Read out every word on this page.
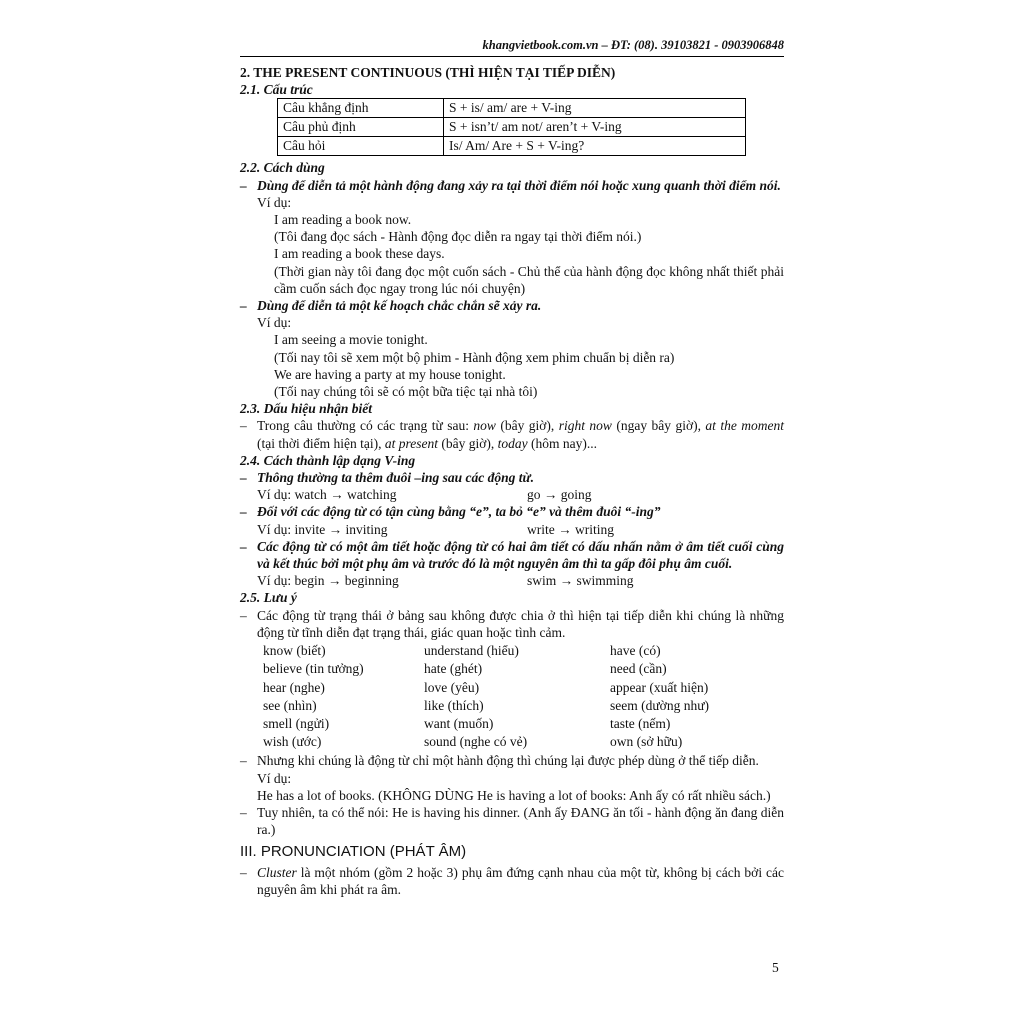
khangvietbook.com.vn – ĐT: (08). 39103821 - 0903906848

2. THE PRESENT CONTINUOUS (THÌ HIỆN TẠI TIẾP DIỄN)

2.1. Cấu trúc

Câu khẳng định	S + is/ am/ are + V-ing
Câu phủ định	S + isn’t/ am not/ aren’t + V-ing
Câu hỏi	Is/ Am/ Are + S + V-ing?

2.2. Cách dùng

– Dùng để diễn tả một hành động đang xảy ra tại thời điểm nói hoặc xung quanh thời điểm nói.

Ví dụ:

I am reading a book now.

(Tôi đang đọc sách - Hành động đọc diễn ra ngay tại thời điểm nói.)

I am reading a book these days.

(Thời gian này tôi đang đọc một cuốn sách - Chủ thể của hành động đọc không nhất thiết phải cầm cuốn sách đọc ngay trong lúc nói chuyện)

– Dùng để diễn tả một kế hoạch chắc chắn sẽ xảy ra.

Ví dụ:

I am seeing a movie tonight.

(Tối nay tôi sẽ xem một bộ phim - Hành động xem phim chuẩn bị diễn ra)

We are having a party at my house tonight.

(Tối nay chúng tôi sẽ có một bữa tiệc tại nhà tôi)

2.3. Dấu hiệu nhận biết

– Trong câu thường có các trạng từ sau: now (bây giờ), right now (ngay bây giờ), at the moment (tại thời điểm hiện tại), at present (bây giờ), today (hôm nay)...

2.4. Cách thành lập dạng V-ing

– Thông thường ta thêm đuôi –ing sau các động từ.

Ví dụ: watch → watching	go → going

– Đối với các động từ có tận cùng bằng “e”, ta bỏ “e” và thêm đuôi “-ing”

Ví dụ: invite → inviting	write → writing

– Các động từ có một âm tiết hoặc động từ có hai âm tiết có dấu nhấn nằm ở âm tiết cuối cùng và kết thúc bởi một phụ âm và trước đó là một nguyên âm thì ta gấp đôi phụ âm cuối.

Ví dụ: begin → beginning	swim → swimming

2.5. Lưu ý

– Các động từ trạng thái ở bảng sau không được chia ở thì hiện tại tiếp diễn khi chúng là những động từ tĩnh diễn đạt trạng thái, giác quan hoặc tình cảm.

know (biết)	understand (hiểu)	have (có)
believe (tin tưởng)	hate (ghét)	need (cần)
hear (nghe)	love (yêu)	appear (xuất hiện)
see (nhìn)	like (thích)	seem (dường như)
smell (ngửi)	want (muốn)	taste (nếm)
wish (ước)	sound (nghe có vẻ)	own (sở hữu)

– Nhưng khi chúng là động từ chỉ một hành động thì chúng lại được phép dùng ở thể tiếp diễn.

Ví dụ:

He has a lot of books. (KHÔNG DÙNG He is having a lot of books: Anh ấy có rất nhiều sách.)

– Tuy nhiên, ta có thể nói: He is having his dinner. (Anh ấy ĐANG ăn tối - hành động ăn đang diễn ra.)

III. PRONUNCIATION (PHÁT ÂM)

– Cluster là một nhóm (gồm 2 hoặc 3) phụ âm đứng cạnh nhau của một từ, không bị cách bởi các nguyên âm khi phát ra âm.

5
